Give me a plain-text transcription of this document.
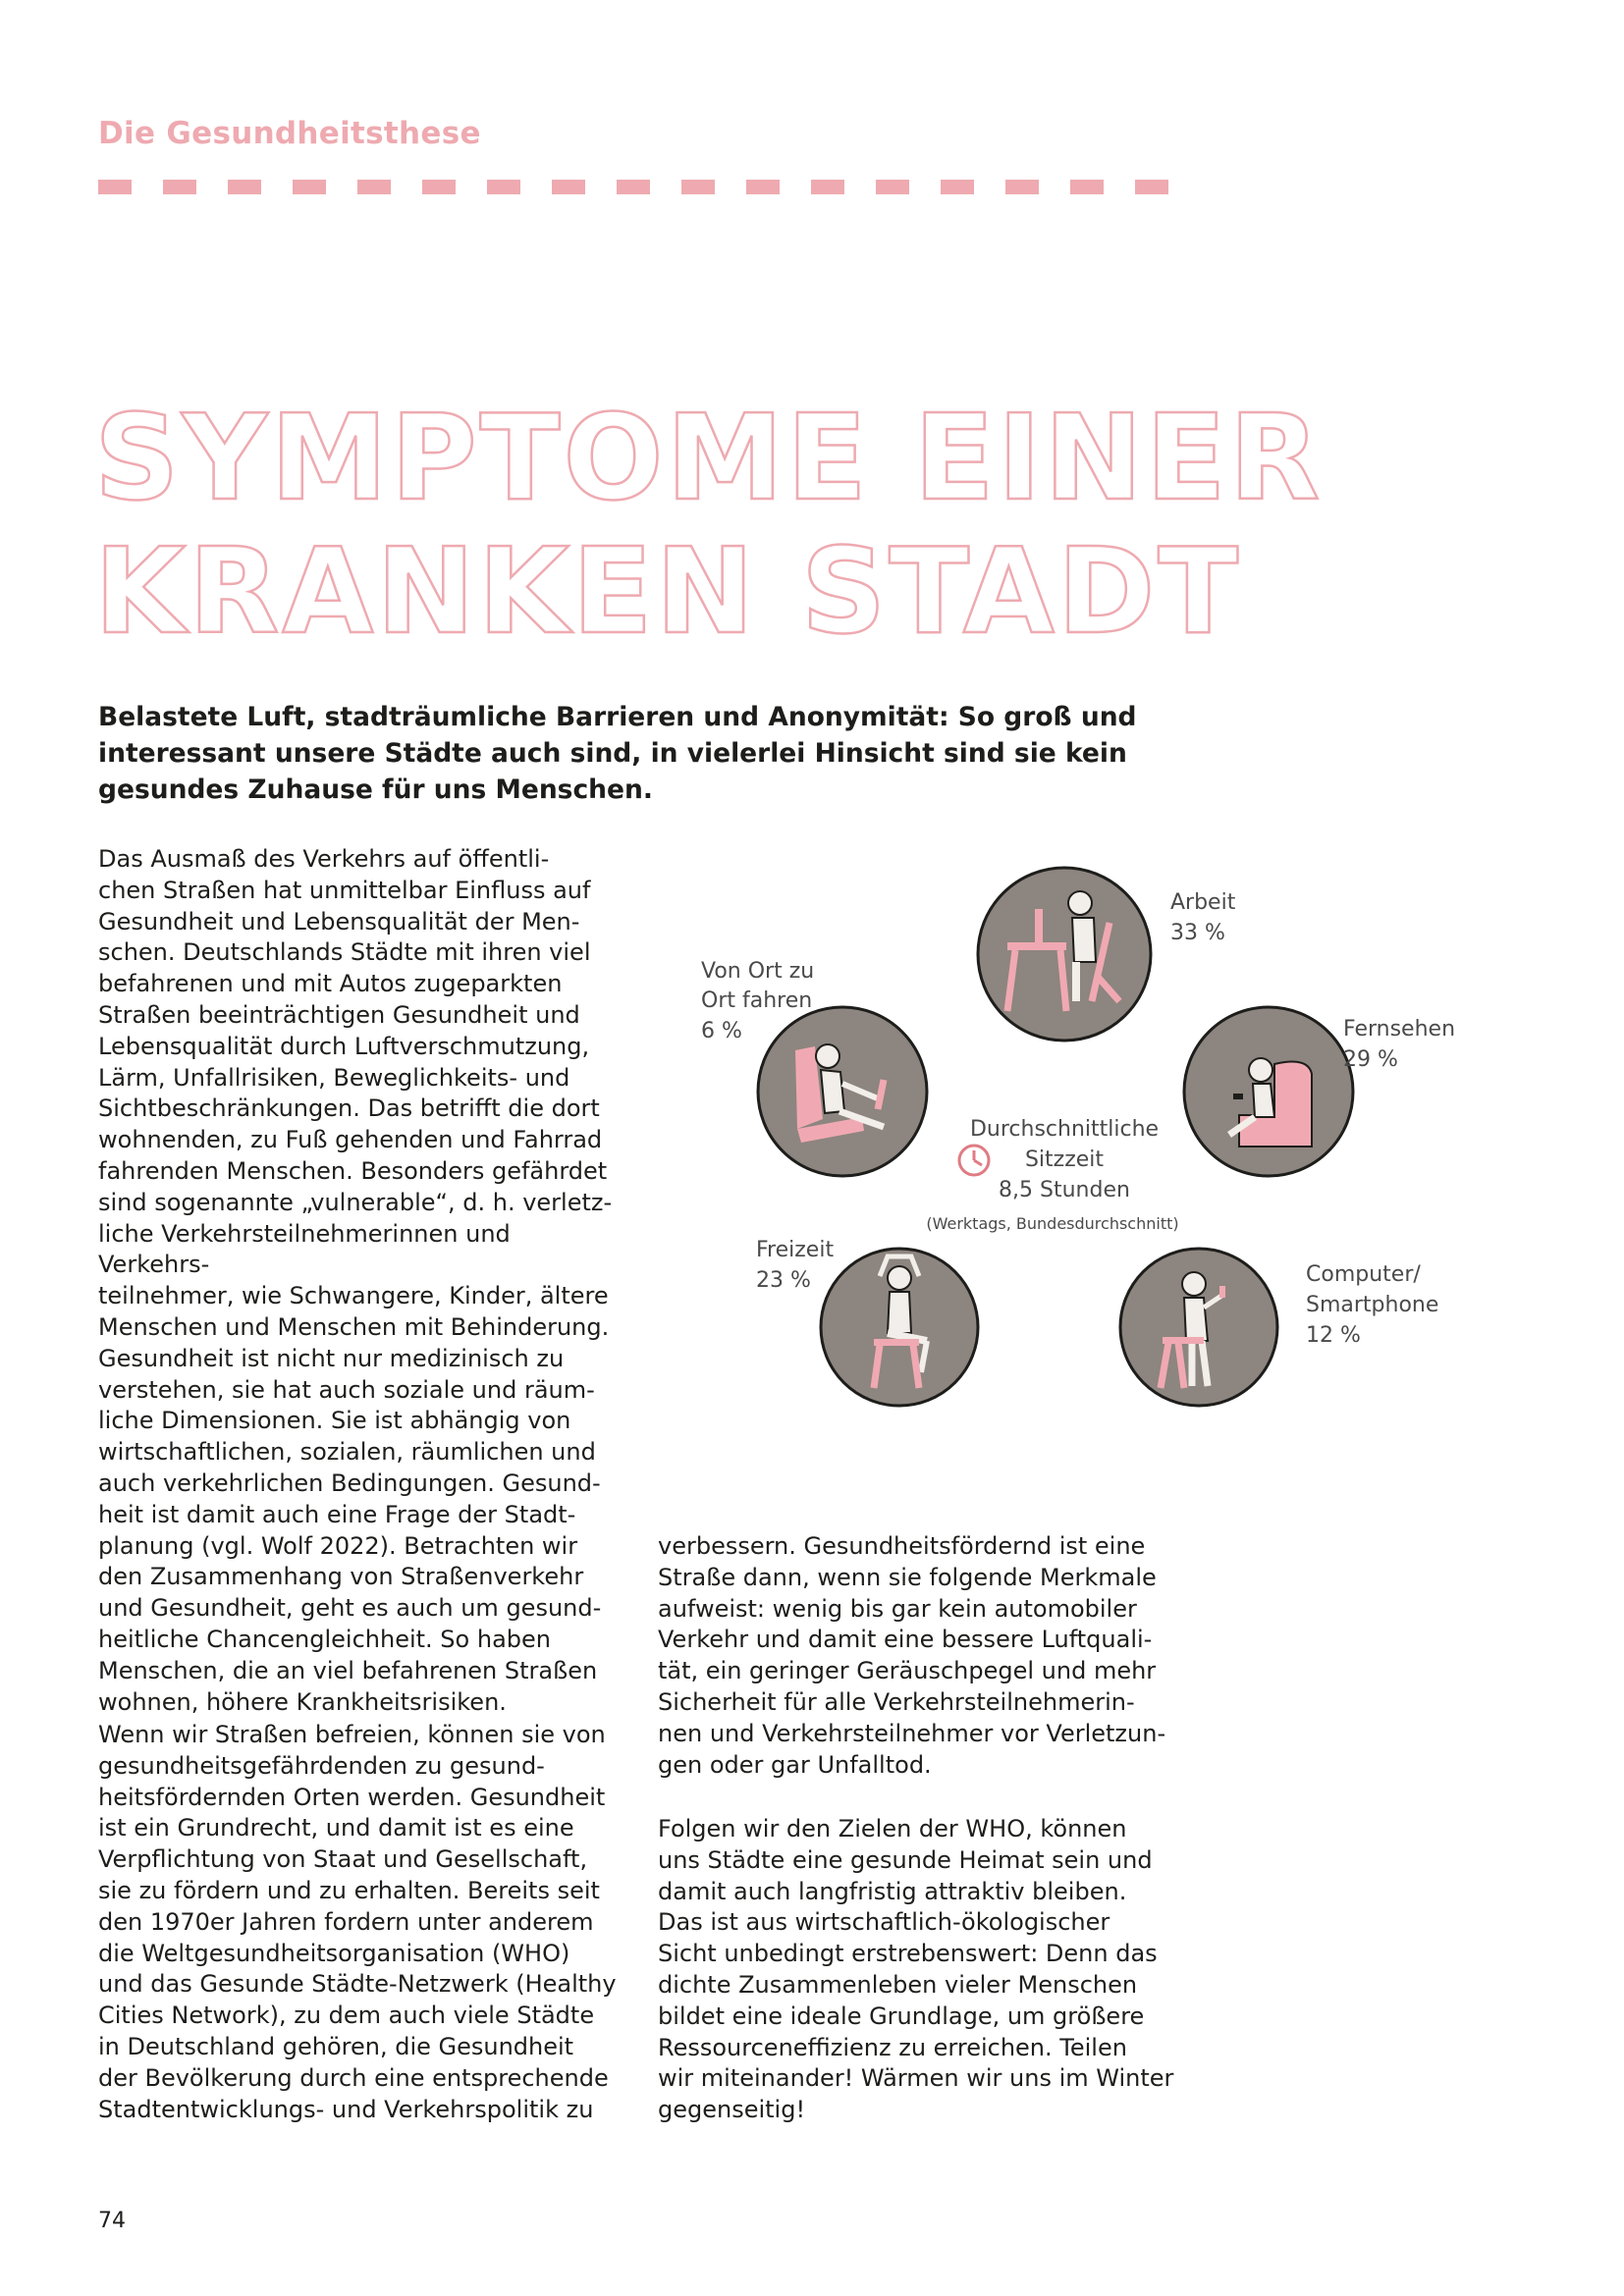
Die Gesundheitsthese
SYMPTOME EINER
KRANKEN STADT

Belastete Luft, stadträumliche Barrieren und Anonymität: So groß und interessant unsere Städte auch sind, in vielerlei Hinsicht sind sie kein gesundes Zuhause für uns Menschen.

Das Ausmaß des Verkehrs auf öffentli-
chen Straßen hat unmittelbar Einfluss auf
Gesundheit und Lebensqualität der Men-
schen. Deutschlands Städte mit ihren viel
befahrenen und mit Autos zugeparkten
Straßen beeinträchtigen Gesundheit und
Lebensqualität durch Luftverschmutzung,
Lärm, Unfallrisiken, Beweglichkeits- und
Sichtbeschränkungen. Das betrifft die dort
wohnenden, zu Fuß gehenden und Fahrrad
fahrenden Menschen. Besonders gefährdet
sind sogenannte „vulnerable“, d. h. verletz-
liche Verkehrsteilnehmerinnen und Verkehrs-
teilnehmer, wie Schwangere, Kinder, ältere
Menschen und Menschen mit Behinderung.
Gesundheit ist nicht nur medizinisch zu
verstehen, sie hat auch soziale und räum-
liche Dimensionen. Sie ist abhängig von
wirtschaftlichen, sozialen, räumlichen und
auch verkehrlichen Bedingungen. Gesund-
heit ist damit auch eine Frage der Stadt-
planung (vgl. Wolf 2022). Betrachten wir
den Zusammenhang von Straßenverkehr
und Gesundheit, geht es auch um gesund-
heitliche Chancengleichheit. So haben
Menschen, die an viel befahrenen Straßen
wohnen, höhere Krankheitsrisiken.

Wenn wir Straßen befreien, können sie von
gesundheitsgefährdenden zu gesund-
heitsfördernden Orten werden. Gesundheit
ist ein Grundrecht, und damit ist es eine
Verpflichtung von Staat und Gesellschaft,
sie zu fördern und zu erhalten. Bereits seit
den 1970er Jahren fordern unter anderem
die Weltgesundheitsorganisation (WHO)
und das Gesunde Städte-Netzwerk (Healthy
Cities Network), zu dem auch viele Städte
in Deutschland gehören, die Gesundheit
der Bevölkerung durch eine entsprechende
Stadtentwicklungs- und Verkehrspolitik zu

verbessern. Gesundheitsfördernd ist eine
Straße dann, wenn sie folgende Merkmale
aufweist: wenig bis gar kein automobiler
Verkehr und damit eine bessere Luftquali-
tät, ein geringer Geräuschpegel und mehr
Sicherheit für alle Verkehrsteilnehmerin-
nen und Verkehrsteilnehmer vor Verletzun-
gen oder gar Unfalltod.

Folgen wir den Zielen der WHO, können
uns Städte eine gesunde Heimat sein und
damit auch langfristig attraktiv bleiben.
Das ist aus wirtschaftlich-ökologischer
Sicht unbedingt erstrebenswert: Denn das
dichte Zusammenleben vieler Menschen
bildet eine ideale Grundlage, um größere
Ressourceneffizienz zu erreichen. Teilen
wir miteinander! Wärmen wir uns im Winter
gegenseitig!

Arbeit
33 %
Von Ort zu
Ort fahren
6 %	Fernsehen
29 %
Durchschnittliche
Sitzzeit
8,5 Stunden
(Werktags, Bundesdurchschnitt)
Freizeit
23 %	Computer/
Smartphone
12 %
74
